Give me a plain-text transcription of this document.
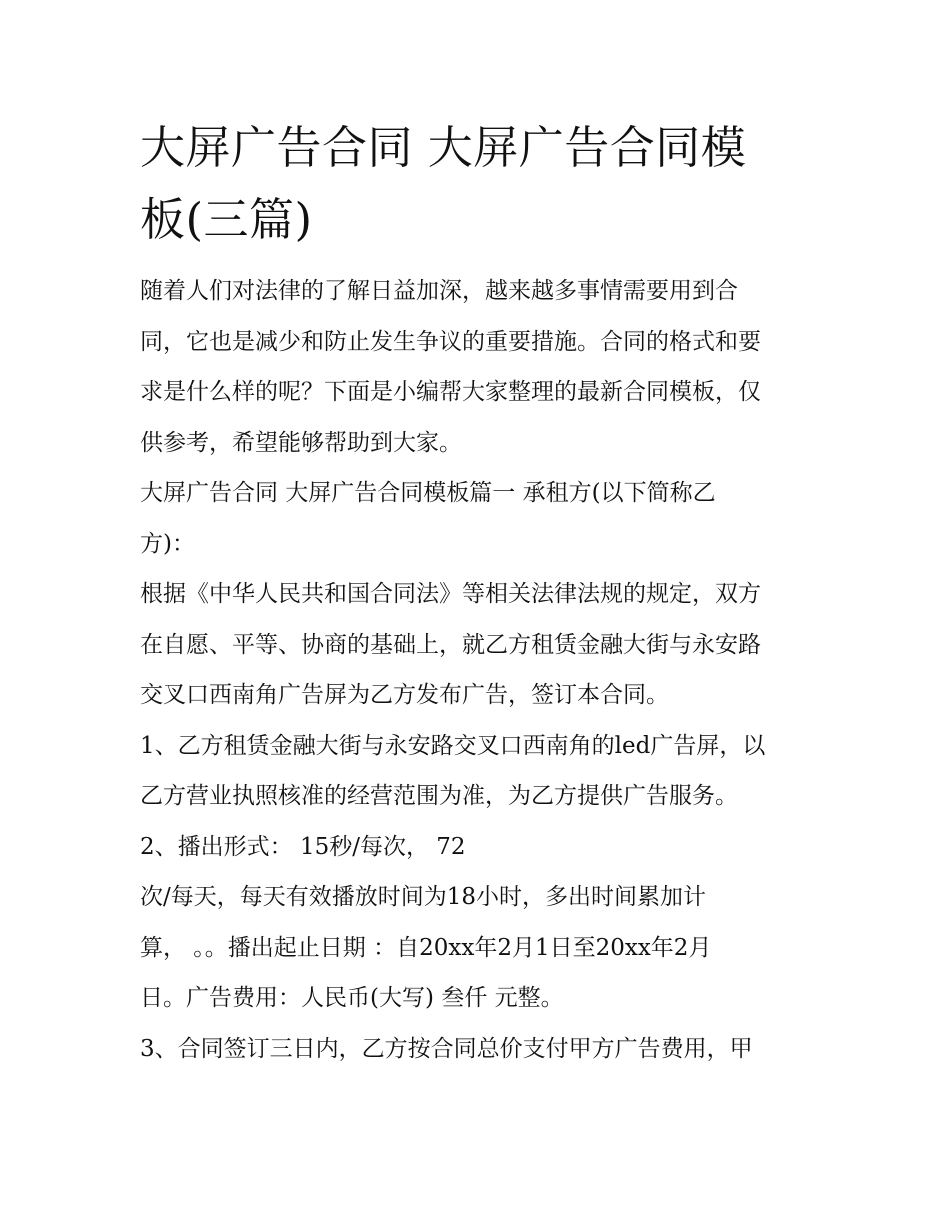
大屏广告合同 大屏广告合同模
板(三篇)

随着人们对法律的了解日益加深，越来越多事情需要用到合
同，它也是减少和防止发生争议的重要措施。合同的格式和要
求是什么样的呢？下面是小编帮大家整理的最新合同模板，仅
供参考，希望能够帮助到大家。

大屏广告合同 大屏广告合同模板篇一 承租方(以下简称乙
方)：

根据《中华人民共和国合同法》等相关法律法规的规定，双方
在自愿、平等、协商的基础上，就乙方租赁金融大街与永安路
交叉口西南角广告屏为乙方发布广告，签订本合同。

1、乙方租赁金融大街与永安路交叉口西南角的led广告屏，以
乙方营业执照核准的经营范围为准，为乙方提供广告服务。

2、播出形式： 15秒/每次， 72

次/每天，每天有效播放时间为18小时，多出时间累加计
算， 。。播出起止日期 ：自20xx年2月1日至20xx年2月
日。广告费用：人民币(大写) 叁仟 元整。

3、合同签订三日内，乙方按合同总价支付甲方广告费用，甲
